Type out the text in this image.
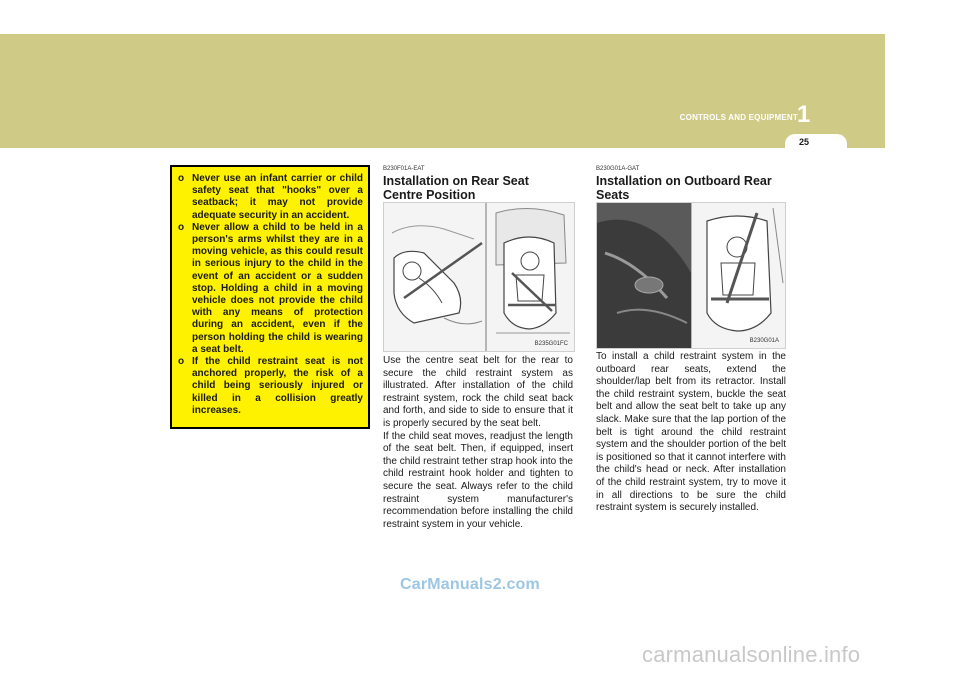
CONTROLS AND EQUIPMENT 1
25
o Never use an infant carrier or child safety seat that "hooks" over a seatback; it may not provide adequate security in an accident.
o Never allow a child to be held in a person's arms whilst they are in a moving vehicle, as this could result in serious injury to the child in the event of an accident or a sudden stop. Holding a child in a moving vehicle does not provide the child with any means of protection during an accident, even if the person holding the child is wearing a seat belt.
o If the child restraint seat is not anchored properly, the risk of a child being seriously injured or killed in a collision greatly increases.
B230F01A-EAT
Installation on Rear Seat Centre Position
B235G01FC

Use the centre seat belt for the rear to secure the child restraint system as illustrated. After installation of the child restraint system, rock the child seat back and forth, and side to side to ensure that it is properly secured by the seat belt.

If the child seat moves, readjust the length of the seat belt. Then, if equipped, insert the child restraint tether strap hook into the child restraint hook holder and tighten to secure the seat. Always refer to the child restraint system manufacturer's recommendation before installing the child restraint system in your vehicle.

B230G01A-GAT
Installation on Outboard Rear Seats
B230G01A

To install a child restraint system in the outboard rear seats, extend the shoulder/lap belt from its retractor. Install the child restraint system, buckle the seat belt and allow the seat belt to take up any slack. Make sure that the lap portion of the belt is tight around the child restraint system and the shoulder portion of the belt is positioned so that it cannot interfere with the child's head or neck. After installation of the child restraint system, try to move it in all directions to be sure the child restraint system is securely installed.

CarManuals2.com
carmanualsonline.info
